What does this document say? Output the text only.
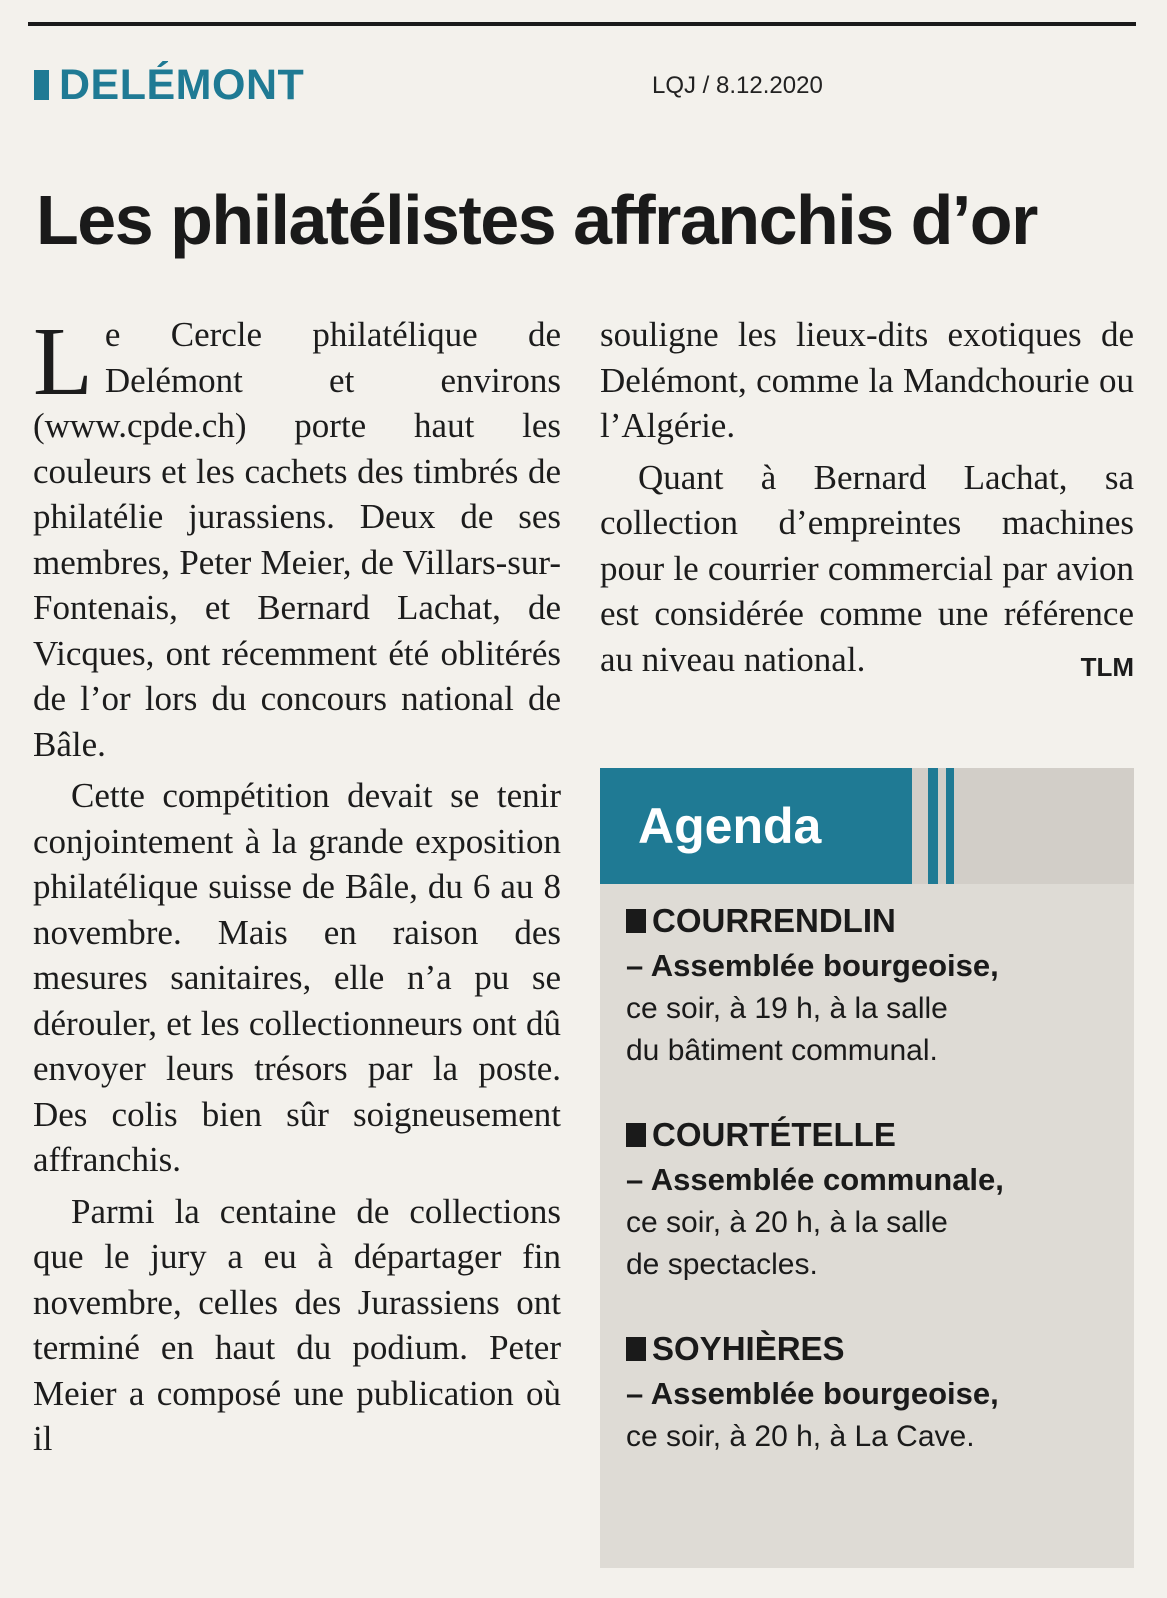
DELÉMONT	LQJ / 8.12.2020
Les philatélistes affranchis d’or

Le Cercle philatélique de Delémont et environs (www.cpde.ch) porte haut les couleurs et les cachets des timbrés de philatélie jurassiens. Deux de ses membres, Peter Meier, de Villars-sur-Fontenais, et Bernard Lachat, de Vicques, ont récemment été oblitérés de l’or lors du concours national de Bâle.

Cette compétition devait se tenir conjointement à la grande exposition philatélique suisse de Bâle, du 6 au 8 novembre. Mais en raison des mesures sanitaires, elle n’a pu se dérouler, et les collectionneurs ont dû envoyer leurs trésors par la poste. Des colis bien sûr soigneusement affranchis.

Parmi la centaine de collections que le jury a eu à départager fin novembre, celles des Jurassiens ont terminé en haut du podium. Peter Meier a composé une publication où il

souligne les lieux-dits exotiques de Delémont, comme la Mandchourie ou l’Algérie.

Quant à Bernard Lachat, sa collection d’empreintes machines pour le courrier commercial par avion est considérée comme une référence au niveau national.	TLM

Agenda
COURRENDLIN
– Assemblée bourgeoise,
ce soir, à 19 h, à la salle
du bâtiment communal.
COURTÉTELLE
– Assemblée communale,
ce soir, à 20 h, à la salle
de spectacles.
SOYHIÈRES
– Assemblée bourgeoise,
ce soir, à 20 h, à La Cave.
